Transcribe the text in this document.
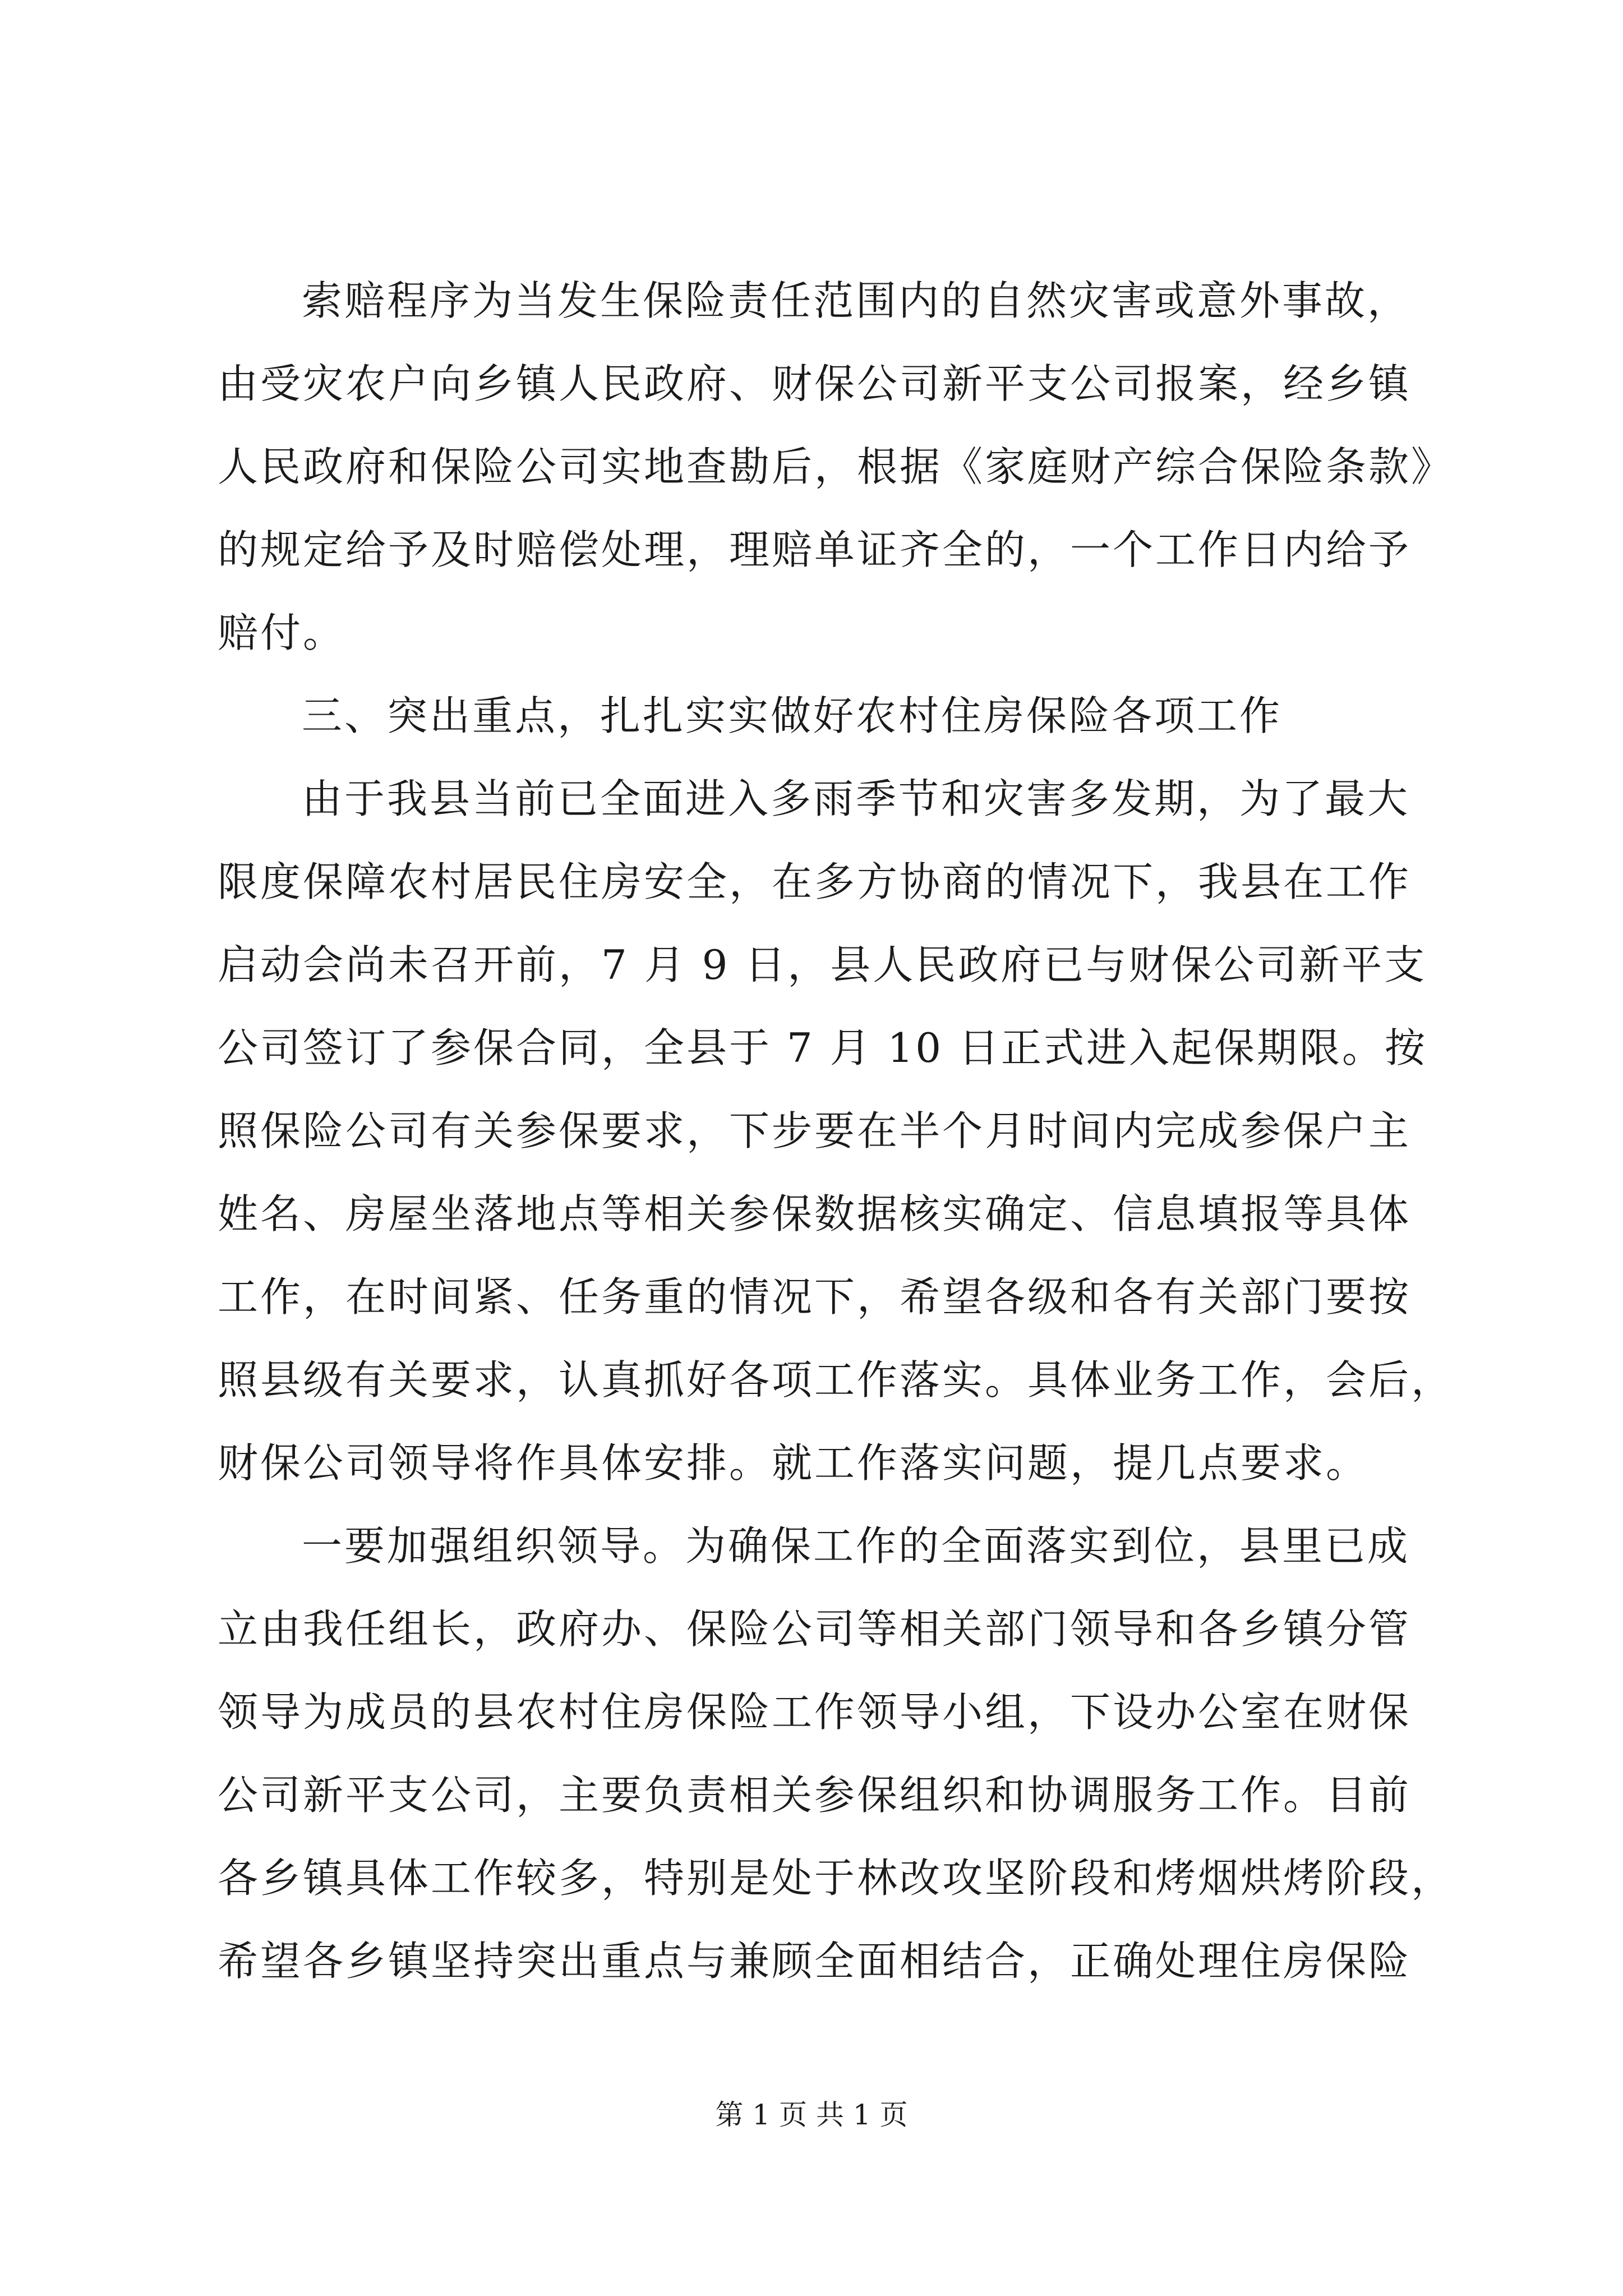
索赔程序为当发生保险责任范围内的自然灾害或意外事故，
由受灾农户向乡镇人民政府、财保公司新平支公司报案，经乡镇
人民政府和保险公司实地查勘后，根据《家庭财产综合保险条款》
的规定给予及时赔偿处理，理赔单证齐全的，一个工作日内给予
赔付。
三、突出重点，扎扎实实做好农村住房保险各项工作
由于我县当前已全面进入多雨季节和灾害多发期，为了最大
限度保障农村居民住房安全，在多方协商的情况下，我县在工作
启动会尚未召开前，7 月 9 日，县人民政府已与财保公司新平支
公司签订了参保合同，全县于 7 月 10 日正式进入起保期限。按
照保险公司有关参保要求，下步要在半个月时间内完成参保户主
姓名、房屋坐落地点等相关参保数据核实确定、信息填报等具体
工作，在时间紧、任务重的情况下，希望各级和各有关部门要按
照县级有关要求，认真抓好各项工作落实。具体业务工作，会后，
财保公司领导将作具体安排。就工作落实问题，提几点要求。
一要加强组织领导。为确保工作的全面落实到位，县里已成
立由我任组长，政府办、保险公司等相关部门领导和各乡镇分管
领导为成员的县农村住房保险工作领导小组，下设办公室在财保
公司新平支公司，主要负责相关参保组织和协调服务工作。目前
各乡镇具体工作较多，特别是处于林改攻坚阶段和烤烟烘烤阶段，
希望各乡镇坚持突出重点与兼顾全面相结合，正确处理住房保险
第 1 页 共 1 页
